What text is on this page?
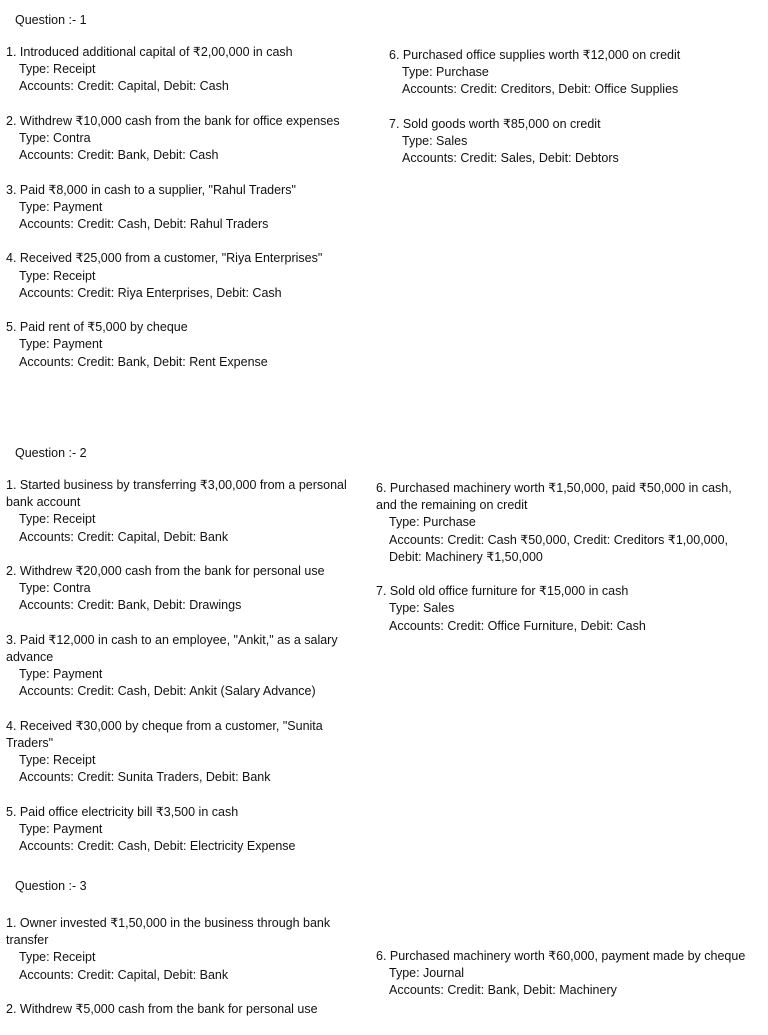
Question :- 1
1. Introduced additional capital of ₹2,00,000 in cash
Type: Receipt
Accounts: Credit: Capital, Debit: Cash
2. Withdrew ₹10,000 cash from the bank for office expenses
Type: Contra
Accounts: Credit: Bank, Debit: Cash
3. Paid ₹8,000 in cash to a supplier, "Rahul Traders"
Type: Payment
Accounts: Credit: Cash, Debit: Rahul Traders
4. Received ₹25,000 from a customer, "Riya Enterprises"
Type: Receipt
Accounts: Credit: Riya Enterprises, Debit: Cash
5. Paid rent of ₹5,000 by cheque
Type: Payment
Accounts: Credit: Bank, Debit: Rent Expense
6. Purchased office supplies worth ₹12,000 on credit
Type: Purchase
Accounts: Credit: Creditors, Debit: Office Supplies
7. Sold goods worth ₹85,000 on credit
Type: Sales
Accounts: Credit: Sales, Debit: Debtors
Question :- 2
1. Started business by transferring ₹3,00,000 from a personal bank account
Type: Receipt
Accounts: Credit: Capital, Debit: Bank
2. Withdrew ₹20,000 cash from the bank for personal use
Type: Contra
Accounts: Credit: Bank, Debit: Drawings
3. Paid ₹12,000 in cash to an employee, "Ankit," as a salary advance
Type: Payment
Accounts: Credit: Cash, Debit: Ankit (Salary Advance)
4. Received ₹30,000 by cheque from a customer, "Sunita Traders"
Type: Receipt
Accounts: Credit: Sunita Traders, Debit: Bank
5. Paid office electricity bill ₹3,500 in cash
Type: Payment
Accounts: Credit: Cash, Debit: Electricity Expense
6. Purchased machinery worth ₹1,50,000, paid ₹50,000 in cash, and the remaining on credit
Type: Purchase
Accounts: Credit: Cash ₹50,000, Credit: Creditors ₹1,00,000, Debit: Machinery ₹1,50,000
7. Sold old office furniture for ₹15,000 in cash
Type: Sales
Accounts: Credit: Office Furniture, Debit: Cash
Question :- 3
1. Owner invested ₹1,50,000 in the business through bank transfer
Type: Receipt
Accounts: Credit: Capital, Debit: Bank
2. Withdrew ₹5,000 cash from the bank for personal use
6. Purchased machinery worth ₹60,000, payment made by cheque
Type: Journal
Accounts: Credit: Bank, Debit: Machinery
